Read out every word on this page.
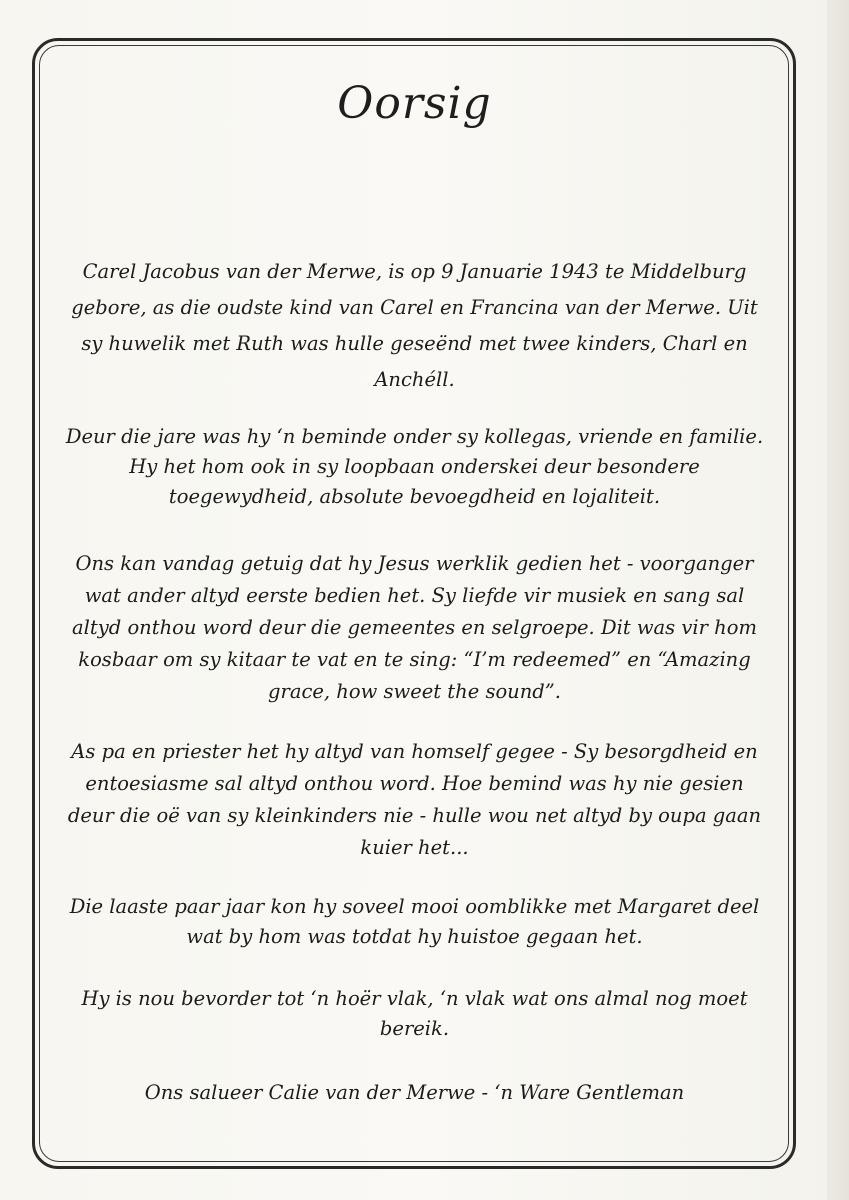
Oorsig

Carel Jacobus van der Merwe, is op 9 Januarie 1943 te Middelburg gebore, as die oudste kind van Carel en Francina van der Merwe. Uit sy huwelik met Ruth was hulle geseënd met twee kinders, Charl en Anchéll.

Deur die jare was hy ‘n beminde onder sy kollegas, vriende en familie. Hy het hom ook in sy loopbaan onderskei deur besondere toegewydheid, absolute bevoegdheid en lojaliteit.

Ons kan vandag getuig dat hy Jesus werklik gedien het - voorganger wat ander altyd eerste bedien het. Sy liefde vir musiek en sang sal altyd onthou word deur die gemeentes en selgroepe. Dit was vir hom kosbaar om sy kitaar te vat en te sing: “I’m redeemed” en “Amazing grace, how sweet the sound”.

As pa en priester het hy altyd van homself gegee - Sy besorgdheid en entoesiasme sal altyd onthou word. Hoe bemind was hy nie gesien deur die oë van sy kleinkinders nie - hulle wou net altyd by oupa gaan kuier het...

Die laaste paar jaar kon hy soveel mooi oomblikke met Margaret deel wat by hom was totdat hy huistoe gegaan het.

Hy is nou bevorder tot ‘n hoër vlak, ‘n vlak wat ons almal nog moet bereik.

Ons salueer Calie van der Merwe - ‘n Ware Gentleman
